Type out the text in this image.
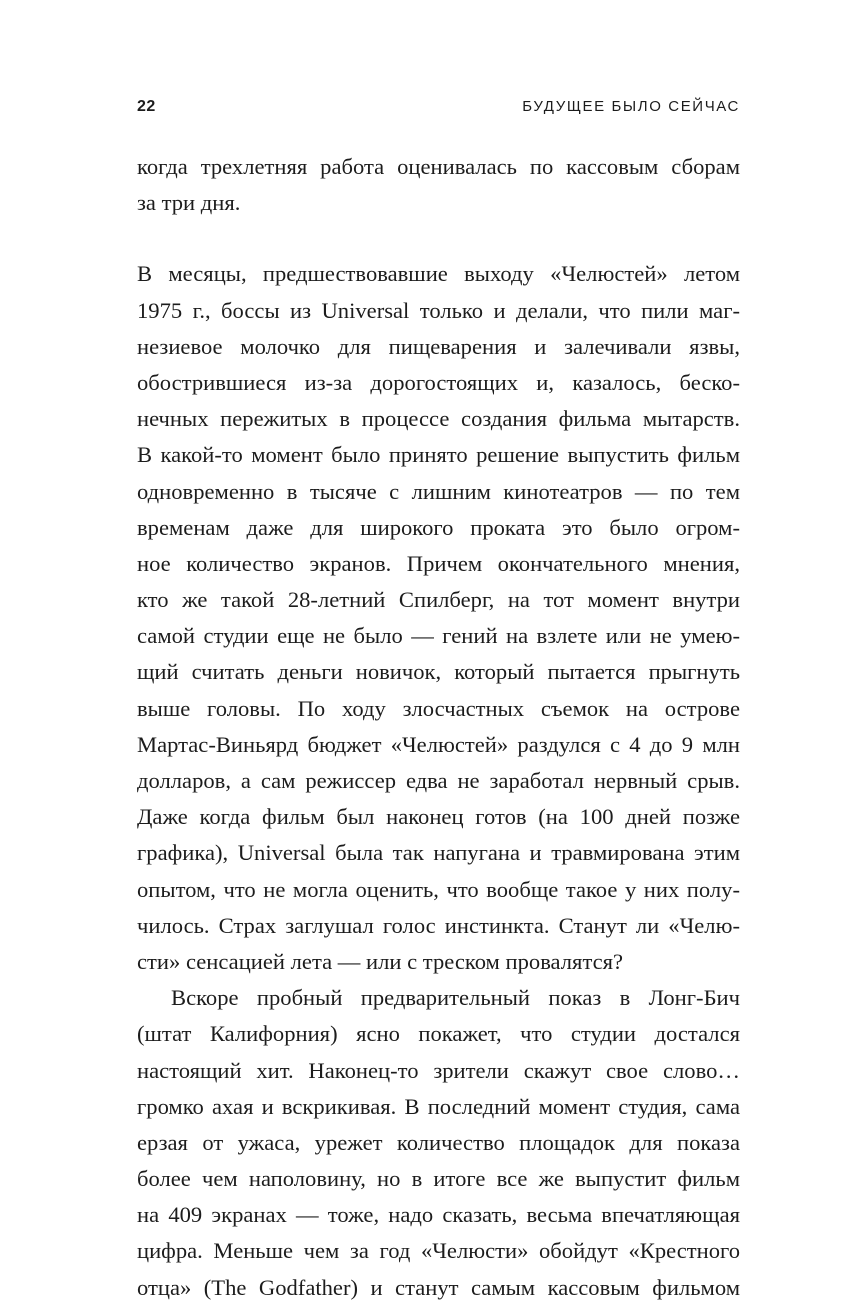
22	БУДУЩЕЕ БЫЛО СЕЙЧАС
когда трехлетняя работа оценивалась по кассовым сборам
за три дня.
В месяцы, предшествовавшие выходу «Челюстей» летом
1975 г., боссы из Universal только и делали, что пили маг-
незиевое молочко для пищеварения и залечивали язвы,
обострившиеся из-за дорогостоящих и, казалось, беско-
нечных пережитых в процессе создания фильма мытарств.
В какой-то момент было принято решение выпустить фильм
одновременно в тысяче с лишним кинотеатров — по тем
временам даже для широкого проката это было огром-
ное количество экранов. Причем окончательного мнения,
кто же такой 28-летний Спилберг, на тот момент внутри
самой студии еще не было — гений на взлете или не умею-
щий считать деньги новичок, который пытается прыгнуть
выше головы. По ходу злосчастных съемок на острове
Мартас-Виньярд бюджет «Челюстей» раздулся с 4 до 9 млн
долларов, а сам режиссер едва не заработал нервный срыв.
Даже когда фильм был наконец готов (на 100 дней позже
графика), Universal была так напугана и травмирована этим
опытом, что не могла оценить, что вообще такое у них полу-
чилось. Страх заглушал голос инстинкта. Станут ли «Челю-
сти» сенсацией лета — или с треском провалятся?
Вскоре пробный предварительный показ в Лонг-Бич
(штат Калифорния) ясно покажет, что студии достался
настоящий хит. Наконец-то зрители скажут свое слово…
громко ахая и вскрикивая. В последний момент студия, сама
ерзая от ужаса, урежет количество площадок для показа
более чем наполовину, но в итоге все же выпустит фильм
на 409 экранах — тоже, надо сказать, весьма впечатляющая
цифра. Меньше чем за год «Челюсти» обойдут «Крестного
отца» (The Godfather) и станут самым кассовым фильмом
